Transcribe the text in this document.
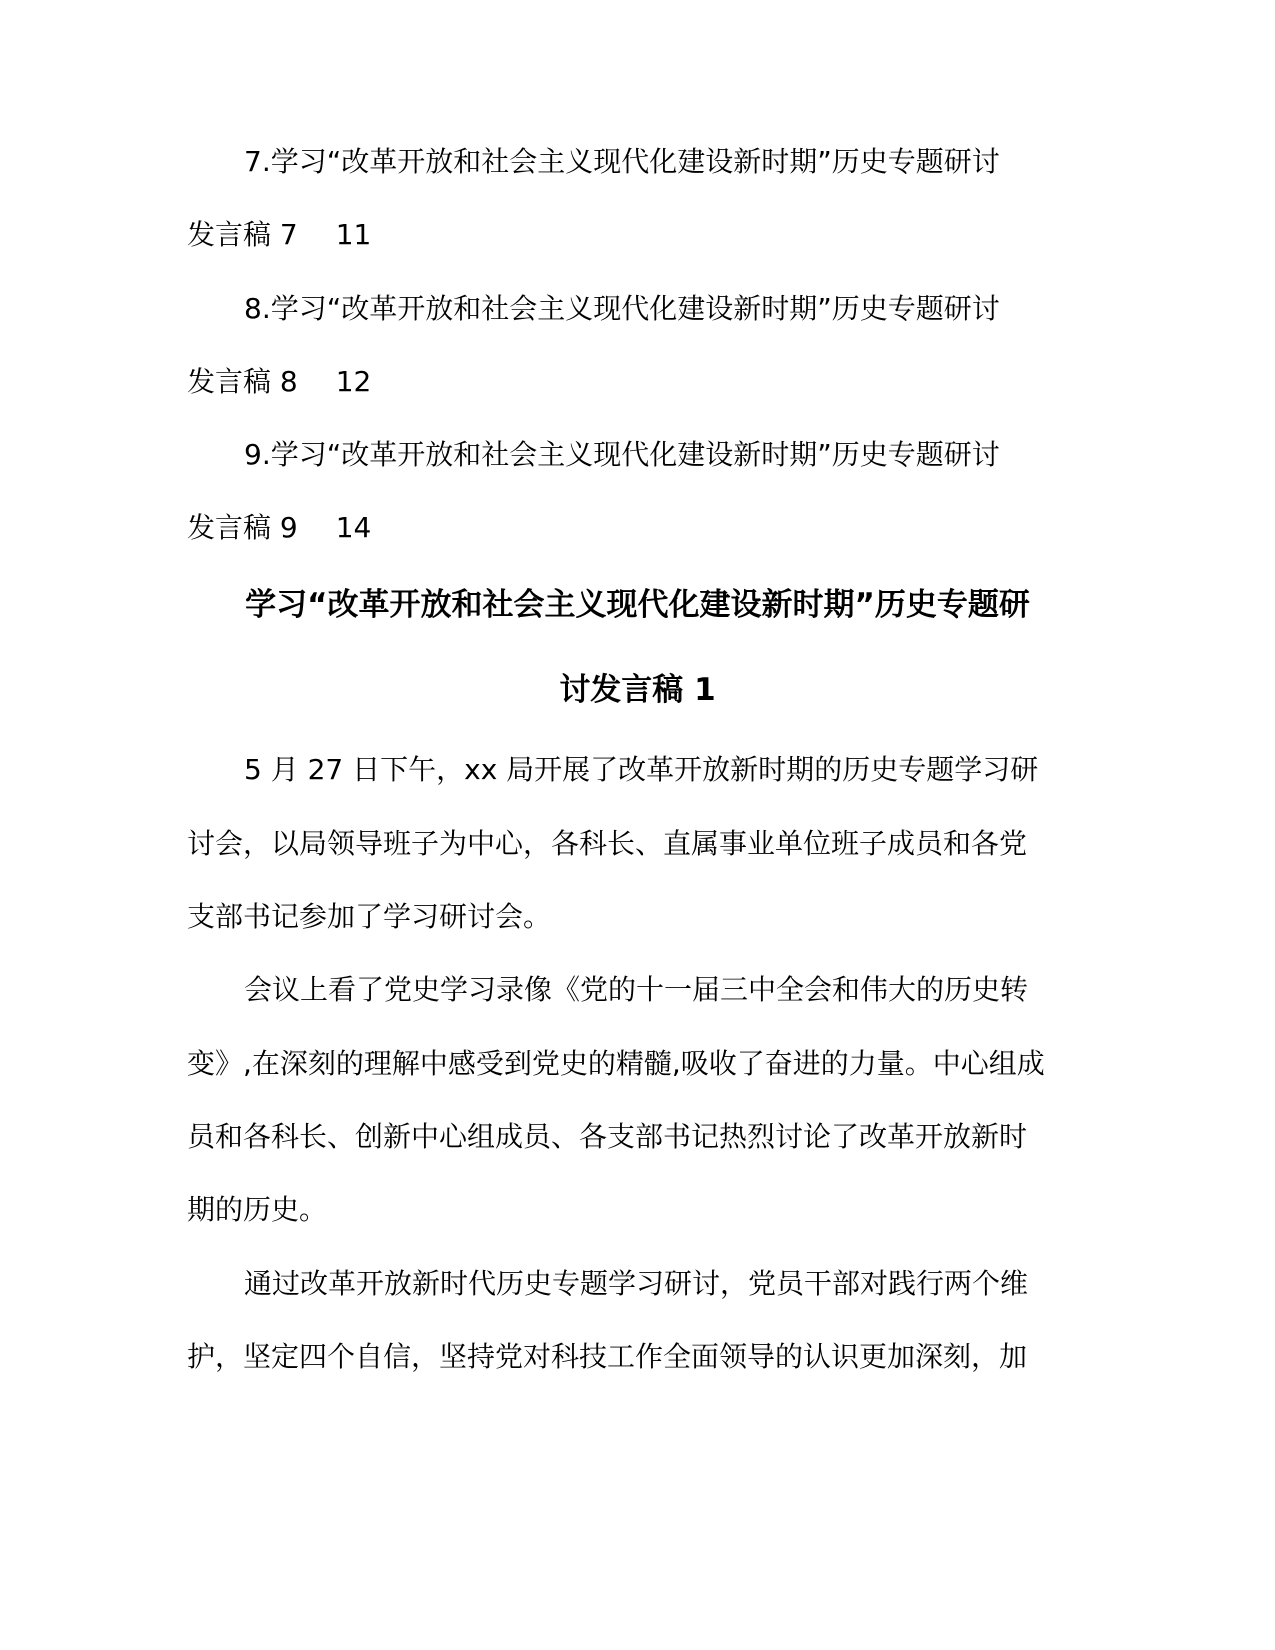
7.学习“改革开放和社会主义现代化建设新时期”历史专题研讨
发言稿 7 11
8.学习“改革开放和社会主义现代化建设新时期”历史专题研讨
发言稿 8 12
9.学习“改革开放和社会主义现代化建设新时期”历史专题研讨
发言稿 9 14
学习“改革开放和社会主义现代化建设新时期”历史专题研
讨发言稿 1
5 月 27 日下午，xx 局开展了改革开放新时期的历史专题学习研
讨会，以局领导班子为中心，各科长、直属事业单位班子成员和各党
支部书记参加了学习研讨会。
会议上看了党史学习录像《党的十一届三中全会和伟大的历史转
变》,在深刻的理解中感受到党史的精髓,吸收了奋进的力量。中心组成
员和各科长、创新中心组成员、各支部书记热烈讨论了改革开放新时
期的历史。
通过改革开放新时代历史专题学习研讨，党员干部对践行两个维
护，坚定四个自信，坚持党对科技工作全面领导的认识更加深刻，加
